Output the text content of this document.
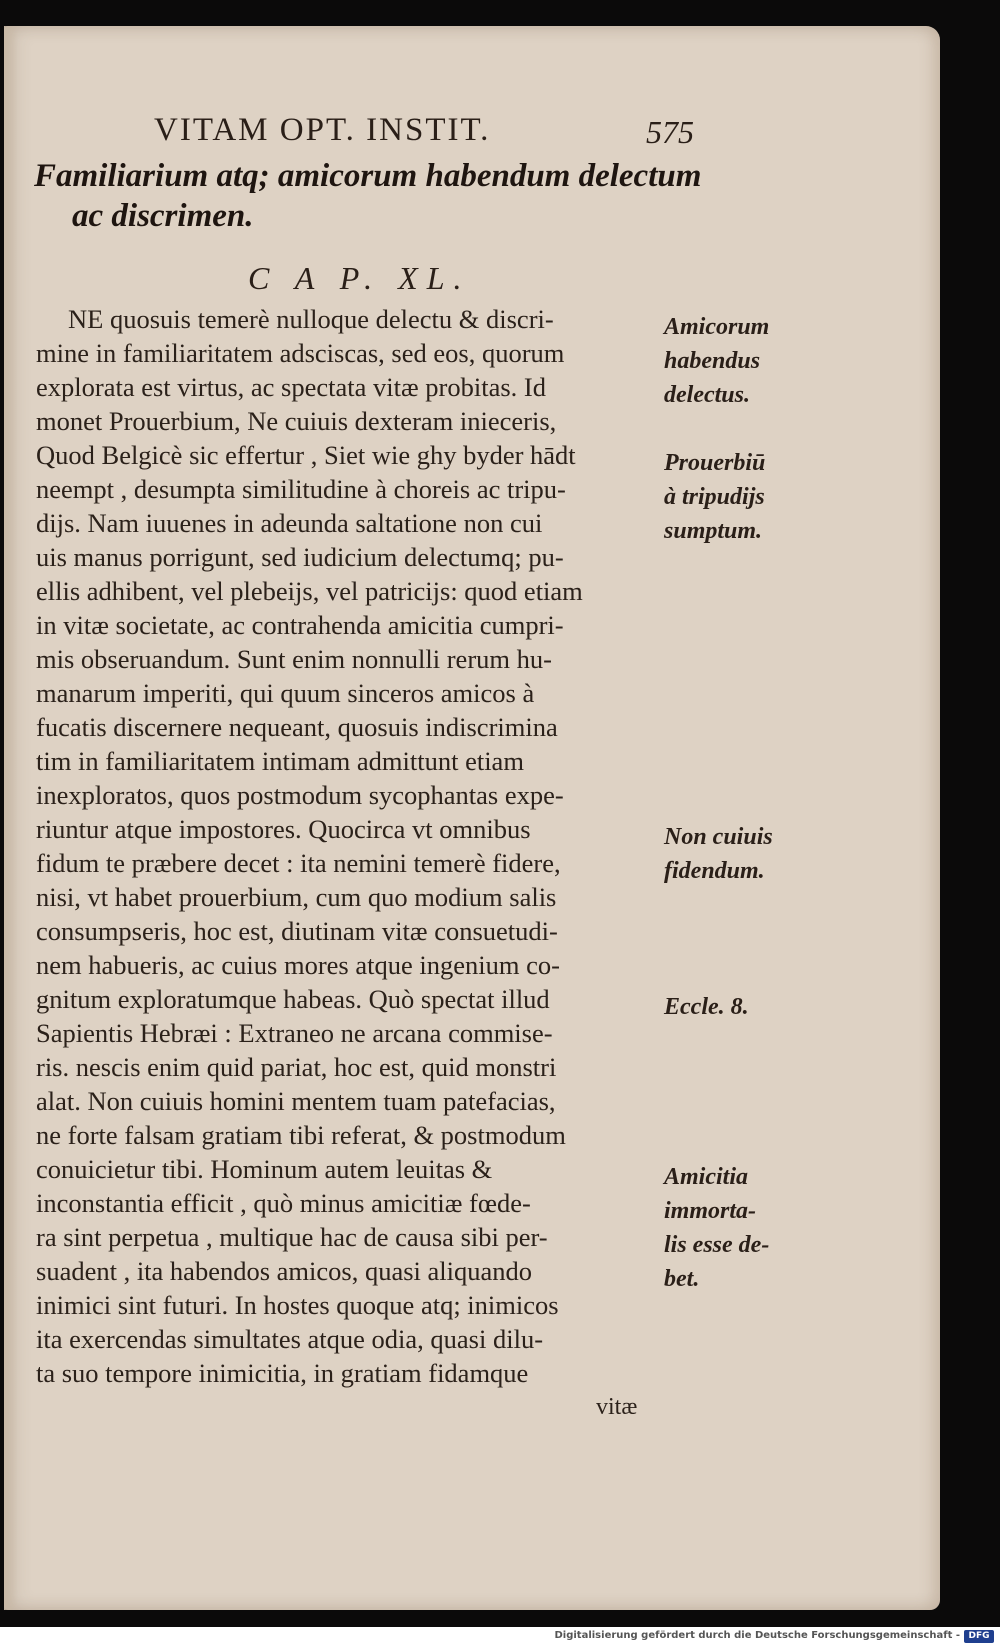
VITAM OPT. INSTIT.	575
Familiarium atq; amicorum habendum delectum
ac discrimen.
C A P. XL.
NE quosuis temerè nulloque delectu & discri-
mine in familiaritatem adsciscas, sed eos, quorum
explorata est virtus, ac spectata vitæ probitas. Id
monet Prouerbium, Ne cuiuis dexteram inieceris,
Quod Belgicè sic effertur , Siet wie ghy byder hādt
neempt , desumpta similitudine à choreis ac tripu-
dijs. Nam iuuenes in adeunda saltatione non cui
uis manus porrigunt, sed iudicium delectumq; pu-
ellis adhibent, vel plebeijs, vel patricijs: quod etiam
in vitæ societate, ac contrahenda amicitia cumpri-
mis obseruandum. Sunt enim nonnulli rerum hu-
manarum imperiti, qui quum sinceros amicos à
fucatis discernere nequeant, quosuis indiscrimina
tim in familiaritatem intimam admittunt etiam
inexploratos, quos postmodum sycophantas expe-
riuntur atque impostores. Quocirca vt omnibus
fidum te præbere decet : ita nemini temerè fidere,
nisi, vt habet prouerbium, cum quo modium salis
consumpseris, hoc est, diutinam vitæ consuetudi-
nem habueris, ac cuius mores atque ingenium co-
gnitum exploratumque habeas. Quò spectat illud
Sapientis Hebræi : Extraneo ne arcana commise-
ris. nescis enim quid pariat, hoc est, quid monstri
alat. Non cuiuis homini mentem tuam patefacias,
ne forte falsam gratiam tibi referat, & postmodum
conuicietur tibi. Hominum autem leuitas &
inconstantia efficit , quò minus amicitiæ fœde-
ra sint perpetua , multique hac de causa sibi per-
suadent , ita habendos amicos, quasi aliquando
inimici sint futuri. In hostes quoque atq; inimicos
ita exercendas simultates atque odia, quasi dilu-
ta suo tempore inimicitia, in gratiam fidamque
vitæ
Amicorum
habendus
delectus.
Prouerbiū
à tripudijs
sumptum.
Non cuiuis
fidendum.
Eccle. 8.
Amicitia
immorta-
lis esse de-
bet.
Digitalisierung gefördert durch die Deutsche Forschungsgemeinschaft - DFG
